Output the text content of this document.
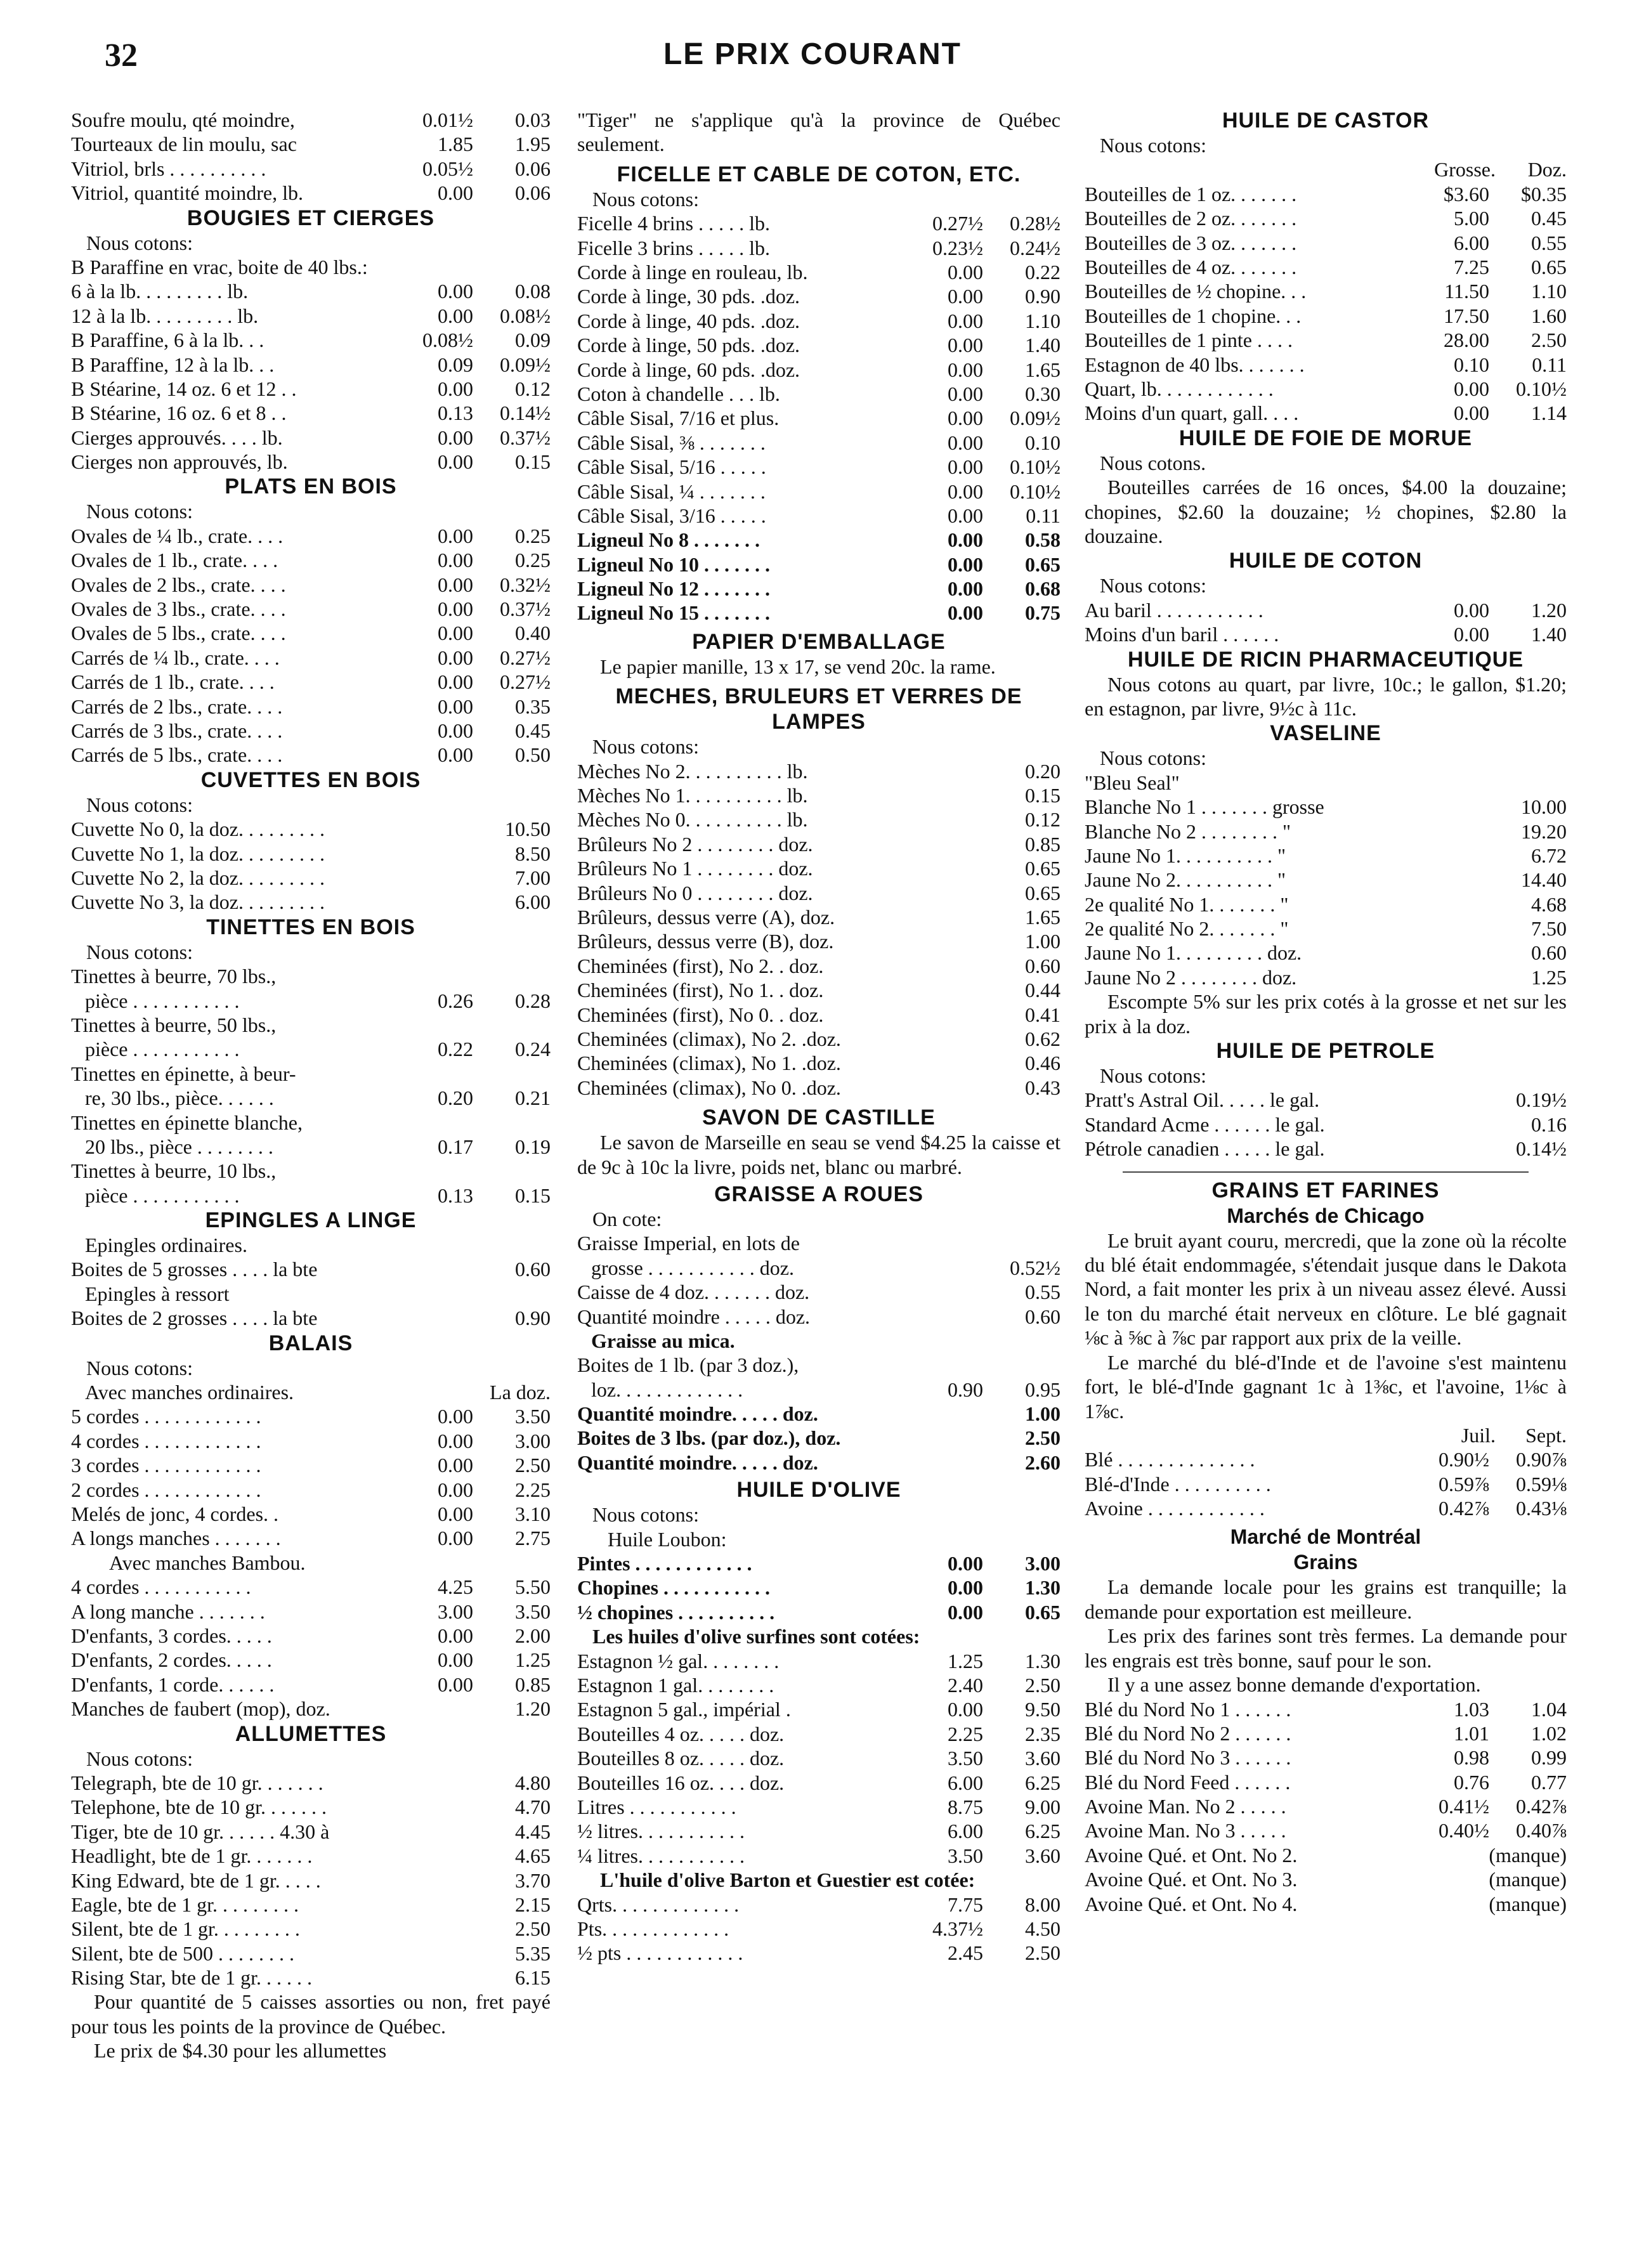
32	LE PRIX COURANT
Soufre moulu, qté moindre,	0.01½	0.03
Tourteaux de lin moulu, sac	1.85	1.95
Vitriol, brls . . . . . . . . . .	0.05½	0.06
Vitriol, quantité moindre, lb.	0.00	0.06
BOUGIES ET CIERGES
Nous cotons:
B Paraffine en vrac, boite de 40 lbs.:
6 à la lb. . . . . . . . . lb.	0.00	0.08
12 à la lb. . . . . . . . . lb.	0.00	0.08½
B Paraffine, 6 à la lb. . .	0.08½	0.09
B Paraffine, 12 à la lb. . .	0.09	0.09½
B Stéarine, 14 oz. 6 et 12 . .	0.00	0.12
B Stéarine, 16 oz. 6 et 8 . .	0.13	0.14½
Cierges approuvés. . . . lb.	0.00	0.37½
Cierges non approuvés, lb.	0.00	0.15
PLATS EN BOIS
Nous cotons:
Ovales de ¼ lb., crate. . . .	0.00	0.25
Ovales de 1 lb., crate. . . .	0.00	0.25
Ovales de 2 lbs., crate. . . .	0.00	0.32½
Ovales de 3 lbs., crate. . . .	0.00	0.37½
Ovales de 5 lbs., crate. . . .	0.00	0.40
Carrés de ¼ lb., crate. . . .	0.00	0.27½
Carrés de 1 lb., crate. . . .	0.00	0.27½
Carrés de 2 lbs., crate. . . .	0.00	0.35
Carrés de 3 lbs., crate. . . .	0.00	0.45
Carrés de 5 lbs., crate. . . .	0.00	0.50
CUVETTES EN BOIS
Nous cotons:
Cuvette No 0, la doz. . . . . . . . .	10.50
Cuvette No 1, la doz. . . . . . . . .	8.50
Cuvette No 2, la doz. . . . . . . . .	7.00
Cuvette No 3, la doz. . . . . . . . .	6.00
TINETTES EN BOIS
Nous cotons:
Tinettes à beurre, 70 lbs.,
pièce . . . . . . . . . . .	0.26	0.28
Tinettes à beurre, 50 lbs.,
pièce . . . . . . . . . . .	0.22	0.24
Tinettes en épinette, à beur-
re, 30 lbs., pièce. . . . . .	0.20	0.21
Tinettes en épinette blanche,
20 lbs., pièce . . . . . . . .	0.17	0.19
Tinettes à beurre, 10 lbs.,
pièce . . . . . . . . . . .	0.13	0.15
EPINGLES A LINGE
Epingles ordinaires.
Boites de 5 grosses . . . . la bte	0.60
Epingles à ressort
Boites de 2 grosses . . . . la bte	0.90
BALAIS
Nous cotons:
Avec manches ordinaires.	La doz.
5 cordes . . . . . . . . . . . .	0.00	3.50
4 cordes . . . . . . . . . . . .	0.00	3.00
3 cordes . . . . . . . . . . . .	0.00	2.50
2 cordes . . . . . . . . . . . .	0.00	2.25
Melés de jonc, 4 cordes. .	0.00	3.10
A longs manches . . . . . . .	0.00	2.75
Avec manches Bambou.
4 cordes . . . . . . . . . . .	4.25	5.50
A long manche . . . . . . .	3.00	3.50
D'enfants, 3 cordes. . . . .	0.00	2.00
D'enfants, 2 cordes. . . . .	0.00	1.25
D'enfants, 1 corde. . . . . .	0.00	0.85
Manches de faubert (mop), doz.	1.20
ALLUMETTES
Nous cotons:
Telegraph, bte de 10 gr. . . . . . .	4.80
Telephone, bte de 10 gr. . . . . . .	4.70
Tiger, bte de 10 gr. . . . . . 4.30 à	4.45
Headlight, bte de 1 gr. . . . . . .	4.65
King Edward, bte de 1 gr. . . . .	3.70
Eagle, bte de 1 gr. . . . . . . . .	2.15
Silent, bte de 1 gr. . . . . . . . .	2.50
Silent, bte de 500 . . . . . . . .	5.35
Rising Star, bte de 1 gr. . . . . .	6.15
Pour quantité de 5 caisses assorties ou non, fret payé pour tous les points de la province de Québec.
Le prix de $4.30 pour les allumettes
"Tiger" ne s'applique qu'à la province de Québec seulement.
FICELLE ET CABLE DE COTON, ETC.
Nous cotons:
Ficelle 4 brins . . . . . lb.	0.27½	0.28½
Ficelle 3 brins . . . . . lb.	0.23½	0.24½
Corde à linge en rouleau, lb.	0.00	0.22
Corde à linge, 30 pds. .doz.	0.00	0.90
Corde à linge, 40 pds. .doz.	0.00	1.10
Corde à linge, 50 pds. .doz.	0.00	1.40
Corde à linge, 60 pds. .doz.	0.00	1.65
Coton à chandelle . . . lb.	0.00	0.30
Câble Sisal, 7/16 et plus.	0.00	0.09½
Câble Sisal, ⅜ . . . . . . .	0.00	0.10
Câble Sisal, 5/16 . . . . .	0.00	0.10½
Câble Sisal, ¼ . . . . . . .	0.00	0.10½
Câble Sisal, 3/16 . . . . .	0.00	0.11
Ligneul No 8 . . . . . . .	0.00	0.58
Ligneul No 10 . . . . . . .	0.00	0.65
Ligneul No 12 . . . . . . .	0.00	0.68
Ligneul No 15 . . . . . . .	0.00	0.75
PAPIER D'EMBALLAGE
Le papier manille, 13 x 17, se vend 20c. la rame.
MECHES, BRULEURS ET VERRES DE LAMPES
Nous cotons:
Mèches No 2. . . . . . . . . . lb.	0.20
Mèches No 1. . . . . . . . . . lb.	0.15
Mèches No 0. . . . . . . . . . lb.	0.12
Brûleurs No 2 . . . . . . . . doz.	0.85
Brûleurs No 1 . . . . . . . . doz.	0.65
Brûleurs No 0 . . . . . . . . doz.	0.65
Brûleurs, dessus verre (A), doz.	1.65
Brûleurs, dessus verre (B), doz.	1.00
Cheminées (first), No 2. . doz.	0.60
Cheminées (first), No 1. . doz.	0.44
Cheminées (first), No 0. . doz.	0.41
Cheminées (climax), No 2. .doz.	0.62
Cheminées (climax), No 1. .doz.	0.46
Cheminées (climax), No 0. .doz.	0.43
SAVON DE CASTILLE
Le savon de Marseille en seau se vend $4.25 la caisse et de 9c à 10c la livre, poids net, blanc ou marbré.
GRAISSE A ROUES
On cote:
Graisse Imperial, en lots de
grosse . . . . . . . . . . . doz.	0.52½
Caisse de 4 doz. . . . . . . doz.	0.55
Quantité moindre . . . . . doz.	0.60
Graisse au mica.
Boites de 1 lb. (par 3 doz.),
loz. . . . . . . . . . . . .	0.90	0.95
Quantité moindre. . . . . doz.	1.00
Boites de 3 lbs. (par doz.), doz.	2.50
Quantité moindre. . . . . doz.	2.60
HUILE D'OLIVE
Nous cotons:
Huile Loubon:
Pintes . . . . . . . . . . . .	0.00	3.00
Chopines . . . . . . . . . . .	0.00	1.30
½ chopines . . . . . . . . . .	0.00	0.65
Les huiles d'olive surfines sont cotées:
Estagnon ½ gal. . . . . . . .	1.25	1.30
Estagnon 1 gal. . . . . . . .	2.40	2.50
Estagnon 5 gal., impérial .	0.00	9.50
Bouteilles 4 oz. . . . . doz.	2.25	2.35
Bouteilles 8 oz. . . . . doz.	3.50	3.60
Bouteilles 16 oz. . . . doz.	6.00	6.25
Litres . . . . . . . . . . .	8.75	9.00
½ litres. . . . . . . . . . .	6.00	6.25
¼ litres. . . . . . . . . . .	3.50	3.60
L'huile d'olive Barton et Guestier est cotée:
Qrts. . . . . . . . . . . . .	7.75	8.00
Pts. . . . . . . . . . . . .	4.37½	4.50
½ pts . . . . . . . . . . . .	2.45	2.50
HUILE DE CASTOR
Nous cotons:
Grosse.	Doz.
Bouteilles de 1 oz. . . . . . .	$3.60	$0.35
Bouteilles de 2 oz. . . . . . .	5.00	0.45
Bouteilles de 3 oz. . . . . . .	6.00	0.55
Bouteilles de 4 oz. . . . . . .	7.25	0.65
Bouteilles de ½ chopine. . .	11.50	1.10
Bouteilles de 1 chopine. . .	17.50	1.60
Bouteilles de 1 pinte . . . .	28.00	2.50
Estagnon de 40 lbs. . . . . . .	0.10	0.11
Quart, lb. . . . . . . . . . . .	0.00	0.10½
Moins d'un quart, gall. . . .	0.00	1.14
HUILE DE FOIE DE MORUE
Nous cotons.
Bouteilles carrées de 16 onces, $4.00 la douzaine; chopines, $2.60 la douzaine; ½ chopines, $2.80 la douzaine.
HUILE DE COTON
Nous cotons:
Au baril . . . . . . . . . . .	0.00	1.20
Moins d'un baril . . . . . .	0.00	1.40
HUILE DE RICIN PHARMACEUTIQUE
Nous cotons au quart, par livre, 10c.; le gallon, $1.20; en estagnon, par livre, 9½c à 11c.
VASELINE
Nous cotons:
"Bleu Seal"
Blanche No 1 . . . . . . . grosse	10.00
Blanche No 2 . . . . . . . . "	19.20
Jaune No 1. . . . . . . . . . "	6.72
Jaune No 2. . . . . . . . . . "	14.40
2e qualité No 1. . . . . . . "	4.68
2e qualité No 2. . . . . . . "	7.50
Jaune No 1. . . . . . . . . doz.	0.60
Jaune No 2 . . . . . . . . doz.	1.25
Escompte 5% sur les prix cotés à la grosse et net sur les prix à la doz.
HUILE DE PETROLE
Nous cotons:
Pratt's Astral Oil. . . . . le gal.	0.19½
Standard Acme . . . . . . le gal.	0.16
Pétrole canadien . . . . . le gal.	0.14½
GRAINS ET FARINES
Marchés de Chicago
Le bruit ayant couru, mercredi, que la zone où la récolte du blé était endommagée, s'étendait jusque dans le Dakota Nord, a fait monter les prix à un niveau assez élevé. Aussi le ton du marché était nerveux en clôture. Le blé gagnait ⅛c à ⅝c à ⅞c par rapport aux prix de la veille.
Le marché du blé-d'Inde et de l'avoine s'est maintenu fort, le blé-d'Inde gagnant 1c à 1⅜c, et l'avoine, 1⅛c à 1⅞c.
Juil.	Sept.
Blé . . . . . . . . . . . . . .	0.90½	0.90⅞
Blé-d'Inde . . . . . . . . . .	0.59⅞	0.59⅛
Avoine . . . . . . . . . . . .	0.42⅞	0.43⅛
Marché de Montréal
Grains
La demande locale pour les grains est tranquille; la demande pour exportation est meilleure.
Les prix des farines sont très fermes. La demande pour les engrais est très bonne, sauf pour le son.
Il y a une assez bonne demande d'exportation.
Blé du Nord No 1 . . . . . .	1.03	1.04
Blé du Nord No 2 . . . . . .	1.01	1.02
Blé du Nord No 3 . . . . . .	0.98	0.99
Blé du Nord Feed . . . . . .	0.76	0.77
Avoine Man. No 2 . . . . .	0.41½	0.42⅞
Avoine Man. No 3 . . . . .	0.40½	0.40⅞
Avoine Qué. et Ont. No 2.	(manque)
Avoine Qué. et Ont. No 3.	(manque)
Avoine Qué. et Ont. No 4.	(manque)
